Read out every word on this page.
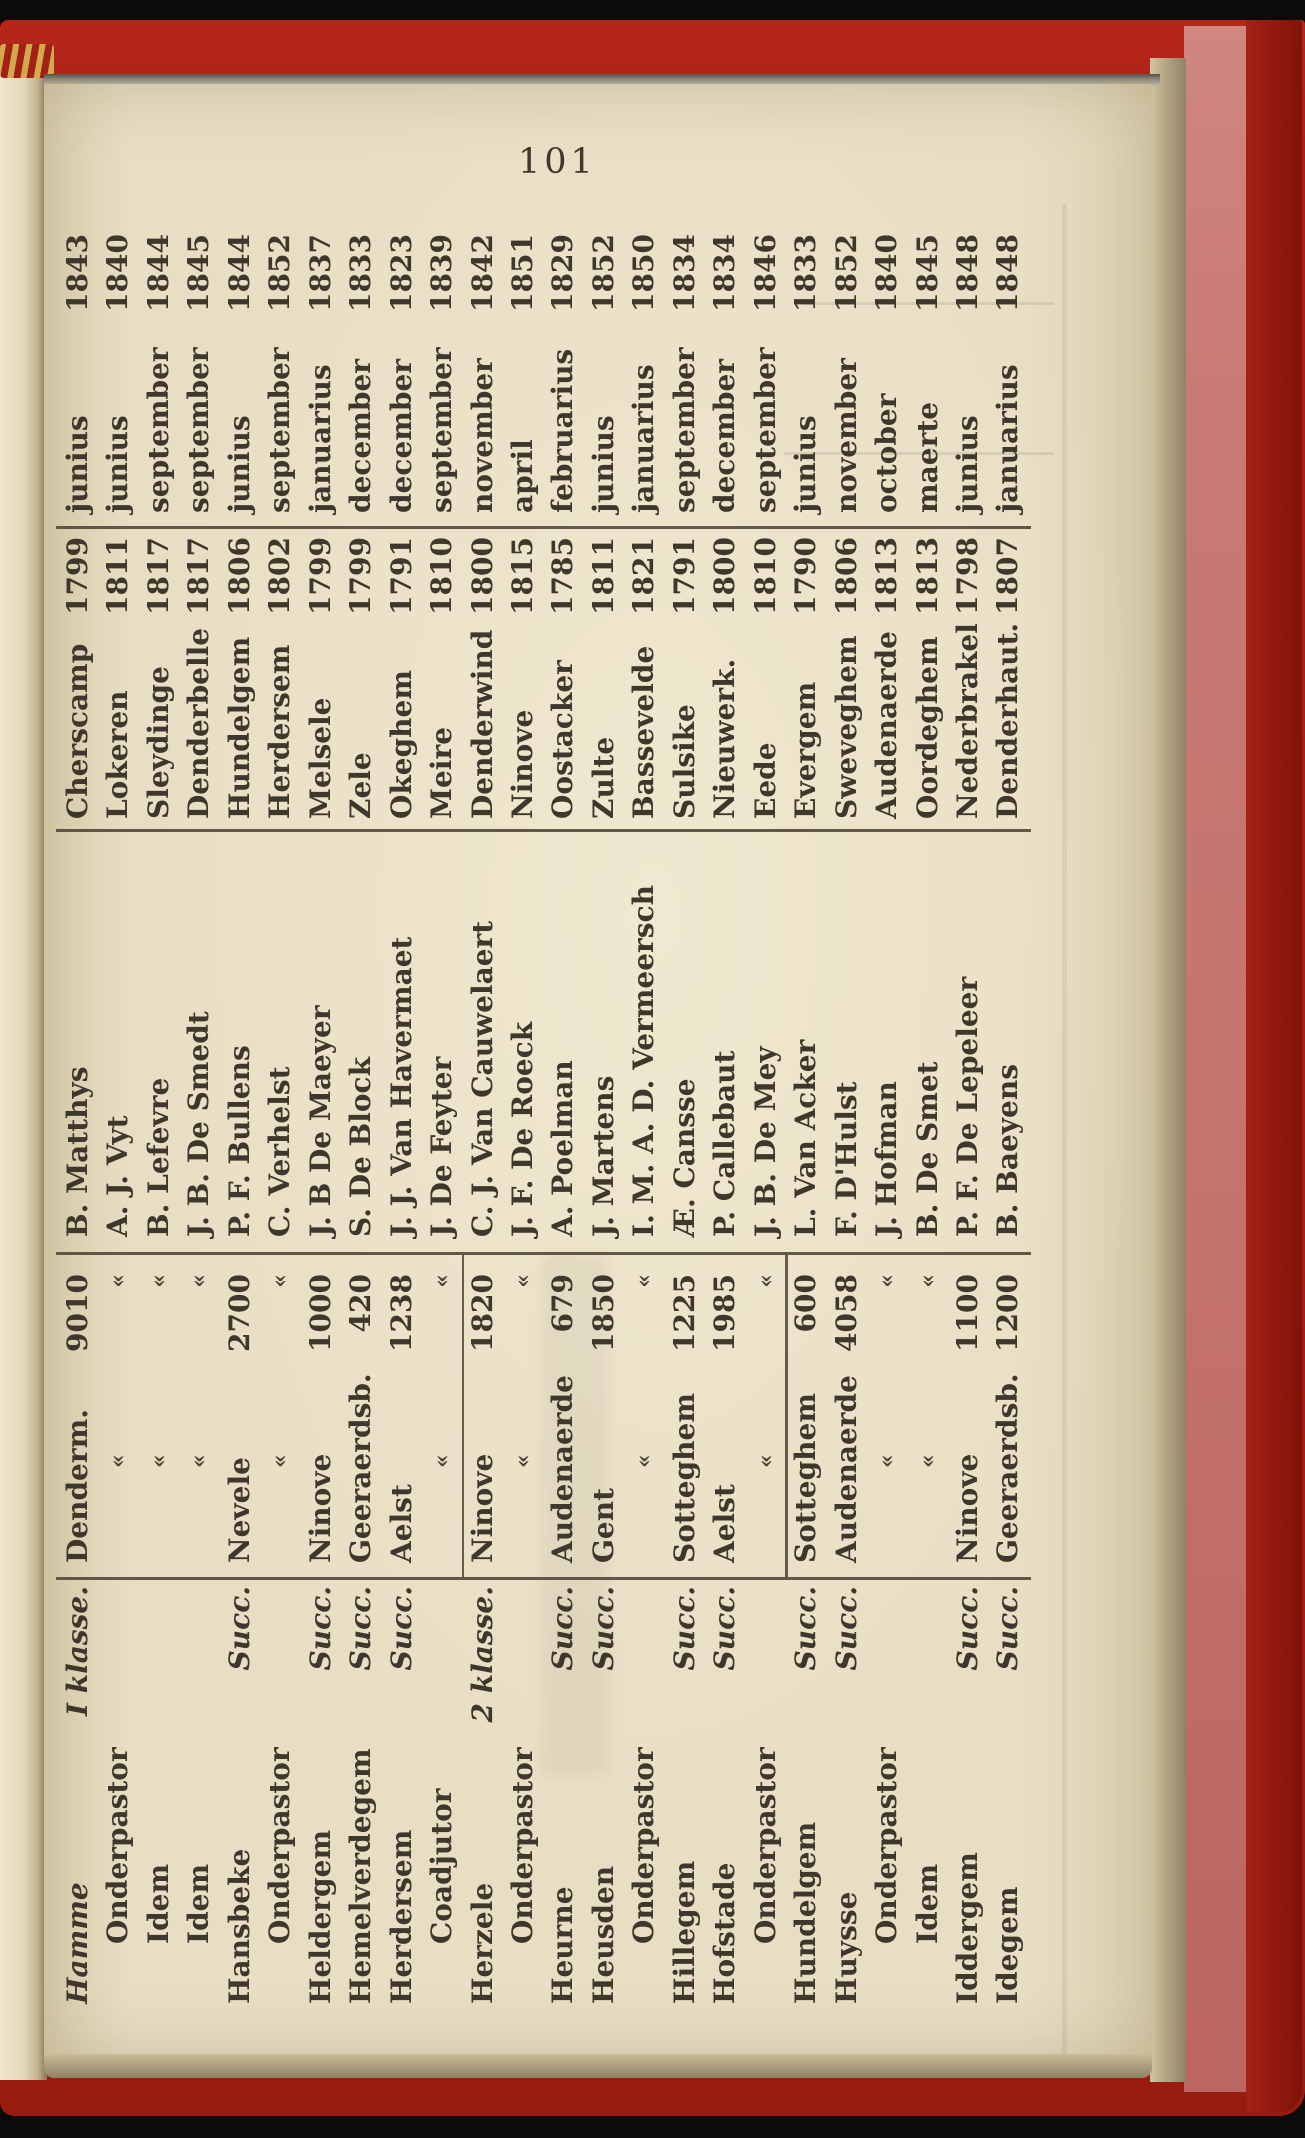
101
Hamme
I klasse.
Denderm.
9010
B. Matthys
Cherscamp
1799
junius
1843
Onderpastor
«
«
A. J. Vyt
Lokeren
1811
junius
1840
Idem
«
«
B. Lefevre
Sleydinge
1817
september
1844
Idem
«
«
J. B. De Smedt
Denderbelle
1817
september
1845
Hansbeke
Succ.
Nevele
2700
P. F. Bullens
Hundelgem
1806
junius
1844
Onderpastor
«
«
C. Verhelst
Herdersem
1802
september
1852
Heldergem
Succ.
Ninove
1000
J. B De Maeyer
Melsele
1799
januarius
1837
Hemelverdegem
Succ.
Geeraerdsb.
420
S. De Block
Zele
1799
december
1833
Herdersem
Succ.
Aelst
1238
J. J. Van Havermaet
Okeghem
1791
december
1823
Coadjutor
«
«
J. De Feyter
Meire
1810
september
1839
Herzele
2 klasse.
Ninove
1820
C. J. Van Cauwelaert
Denderwind
1800
november
1842
Onderpastor
«
«
J. F. De Roeck
Ninove
1815
april
1851
Heurne
Succ.
Audenaerde
679
A. Poelman
Oostacker
1785
februarius
1829
Heusden
Succ.
Gent
1850
J. Martens
Zulte
1811
junius
1852
Onderpastor
«
«
I. M. A. D. Vermeersch
Bassevelde
1821
januarius
1850
Hillegem
Succ.
Sotteghem
1225
Æ. Cansse
Sulsike
1791
september
1834
Hofstade
Succ.
Aelst
1985
P. Callebaut
Nieuwerk.
1800
december
1834
Onderpastor
«
«
J. B. De Mey
Eede
1810
september
1846
Hundelgem
Succ.
Sotteghem
600
L. Van Acker
Evergem
1790
junius
1833
Huysse
Succ.
Audenaerde
4058
F. D'Hulst
Sweveghem
1806
november
1852
Onderpastor
«
«
J. Hofman
Audenaerde
1813
october
1840
Idem
«
«
B. De Smet
Oordeghem
1813
maerte
1845
Iddergem
Succ.
Ninove
1100
P. F. De Lepeleer
Nederbrakel
1798
junius
1848
Idegem
Succ.
Geeraerdsb.
1200
B. Baeyens
Denderhaut.
1807
januarius
1848
